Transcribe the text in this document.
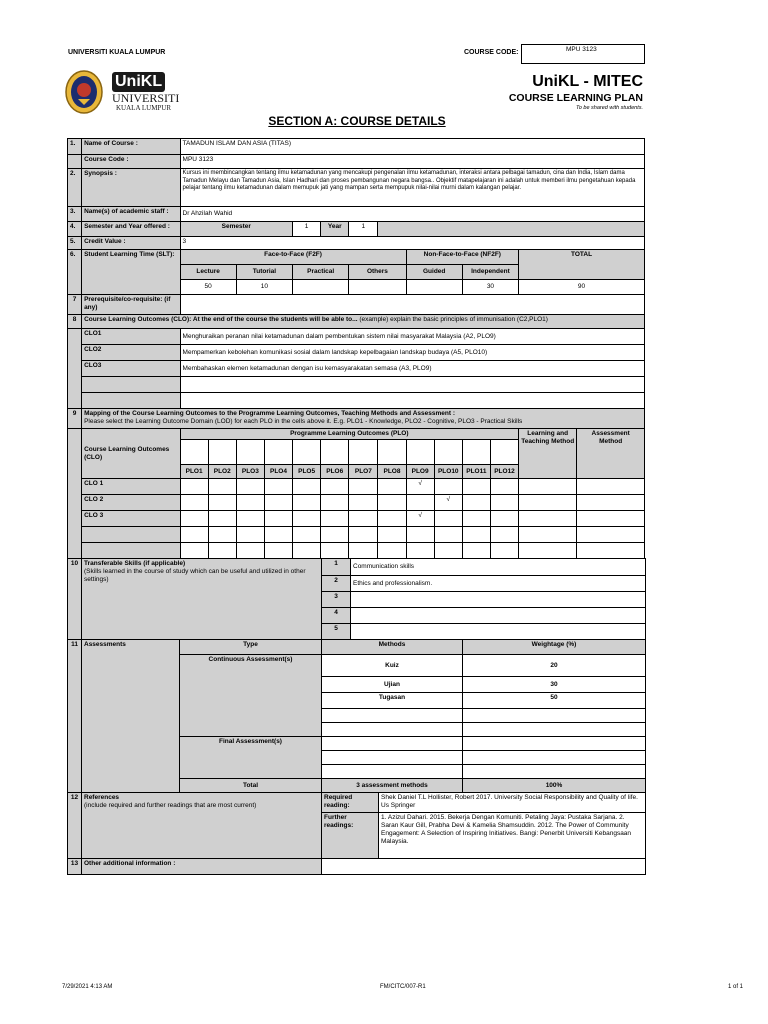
UNIVERSITI KUALA LUMPUR	COURSE CODE:	MPU 3123
UniKL
UNIVERSITI
KUALA LUMPUR
UniKL - MITEC
COURSE LEARNING PLAN
To be shared with students.
SECTION A: COURSE DETAILS
1.	Name of Course :	TAMADUN ISLAM DAN ASIA (TITAS)													
	Course Code :	MPU 3123													
2.	Synopsis :	Kursus ini membincangkan tentang ilmu ketamadunan yang mencakupi pengenalan ilmu ketamadunan, interaksi antara pelbagai tamadun, cina dan India, Islam dama Tamadun Melayu dan Tamadun Asia, Islan Hadhari dan proses pembangunan negara bangsa.. Objektif matapelajaran ini adalah untuk memberi ilmu pengetahuan kepada pelajar tentang ilmu ketamadunan dalam memupuk jati yang mampan serta mempupuk nilai-nilai murni dalam kalangan pelajar.													
3.	Name(s) of academic staff :	Dr Ahzilah Wahid													
4.	Semester and Year offered :	Semester				1	Year	1							
5.	Credit Value :	3													
6.	Student Learning Time (SLT):	Face-to-Face (F2F)								Non-Face-to-Face (NF2F)				TOTAL	
		Lecture		Tutorial		Practical		Others		Guided		Independent			
		50		10								30		90	
7	Prerequisite/co-requisite: (if any)														
8	Course Learning Outcomes (CLO): At the end of the course the students will be able to... (example) explain the basic principles of immunisation (C2,PLO1)														
	CLO1	Menghuraikan peranan nilai ketamadunan dalam pembentukan sistem nilai masyarakat Malaysia (A2, PLO9)													
	CLO2	Mempamerkan kebolehan komunikasi sosial dalam landskap kepelbagaian landskap budaya (A5, PLO10)													
	CLO3	Membahaskan elemen ketamadunan dengan isu kemasyarakatan semasa (A3, PLO9)													

9	Mapping of the Course Learning Outcomes to the Programme Learning Outcomes, Teaching Methods and Assessment :
Please select the Learning Outcome Domain (LOD) for each PLO in the cells above it. E.g. PLO1 - Knowledge, PLO2 - Cognitive, PLO3 - Practical Skills														

	Course Learning Outcomes (CLO)	Programme Learning Outcomes (PLO)												Learning and Teaching Method	Assessment Method

		PLO1	PLO2	PLO3	PLO4	PLO5	PLO6	PLO7	PLO8	PLO9	PLO10	PLO11	PLO12		
	CLO 1									√					
	CLO 2										√				
	CLO 3									√					

10	Transferable Skills (if applicable)
(Skills learned in the course of study which can be useful and utilized in other settings)	1	Communication skills
		2	Ethics and professionalism.
		3	
		4	
		5	
11	Assessments	Type	Methods	Weightage (%)
		Continuous Assessment(s)	Kuiz	20
			Ujian	30
			Tugasan	50

		Final Assessment(s)		

		Total	3 assessment methods	100%
12	References
(include required and further readings that are most current)	Required reading:	Shek Daniel T.L Hollister, Robert 2017. University Social Responsibility and Quality of life. Us Springer
		Further readings:	1. Azizul Dahari. 2015. Bekerja Dengan Komuniti. Petaling Jaya: Pustaka Sarjana. 2. Saran Kaur Gill, Prabha Devi & Kamelia Shamsuddin. 2012. The Power of Community Engagement: A Selection of Inspiring Initiatives. Bangi: Penerbit Universiti Kebangsaan Malaysia.
13	Other additional information :	
7/29/2021 4:13 AM	FM/CITC/007-R1	1 of 1
